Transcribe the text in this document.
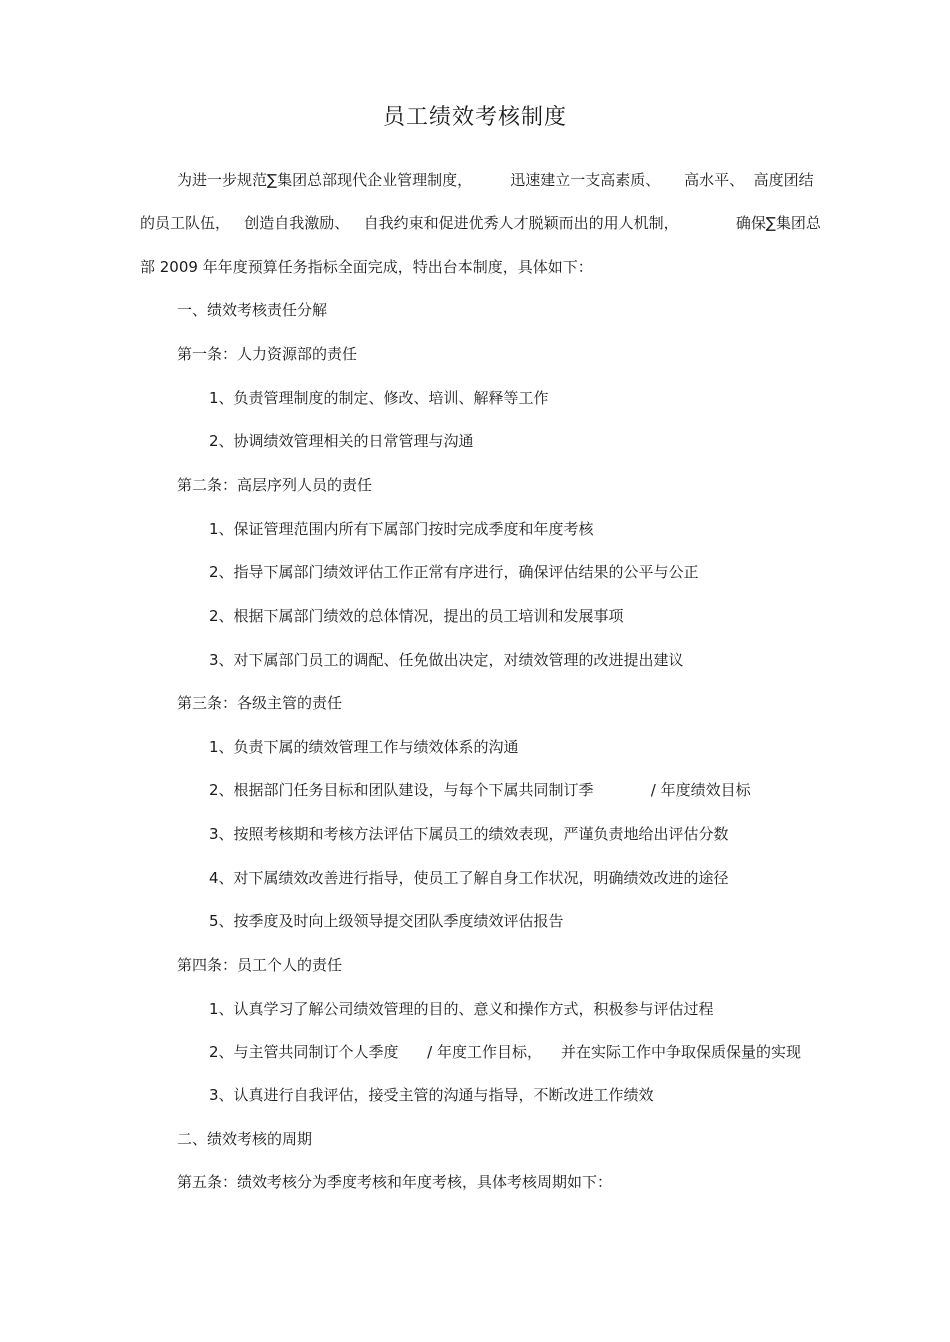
员工绩效考核制度
为进一步规范∑集团总部现代企业管理制度，        迅速建立一支高素质、     高水平、  高度团结
的员工队伍，   创造自我激励、   自我约束和促进优秀人才脱颖而出的用人机制，            确保∑集团总
部 2009 年年度预算任务指标全面完成，特出台本制度，具体如下：
一、绩效考核责任分解
第一条：人力资源部的责任
1、负责管理制度的制定、修改、培训、解释等工作
2、协调绩效管理相关的日常管理与沟通
第二条：高层序列人员的责任
1、保证管理范围内所有下属部门按时完成季度和年度考核
2、指导下属部门绩效评估工作正常有序进行，确保评估结果的公平与公正
2、根据下属部门绩效的总体情况，提出的员工培训和发展事项
3、对下属部门员工的调配、任免做出决定，对绩效管理的改进提出建议
第三条：各级主管的责任
1、负责下属的绩效管理工作与绩效体系的沟通
2、根据部门任务目标和团队建设，与每个下属共同制订季            / 年度绩效目标
3、按照考核期和考核方法评估下属员工的绩效表现，严谨负责地给出评估分数
4、对下属绩效改善进行指导，使员工了解自身工作状况，明确绩效改进的途径
5、按季度及时向上级领导提交团队季度绩效评估报告
第四条：员工个人的责任
1、认真学习了解公司绩效管理的目的、意义和操作方式，积极参与评估过程
2、与主管共同制订个人季度      / 年度工作目标，    并在实际工作中争取保质保量的实现
3、认真进行自我评估，接受主管的沟通与指导，不断改进工作绩效
二、绩效考核的周期
第五条：绩效考核分为季度考核和年度考核，具体考核周期如下：
